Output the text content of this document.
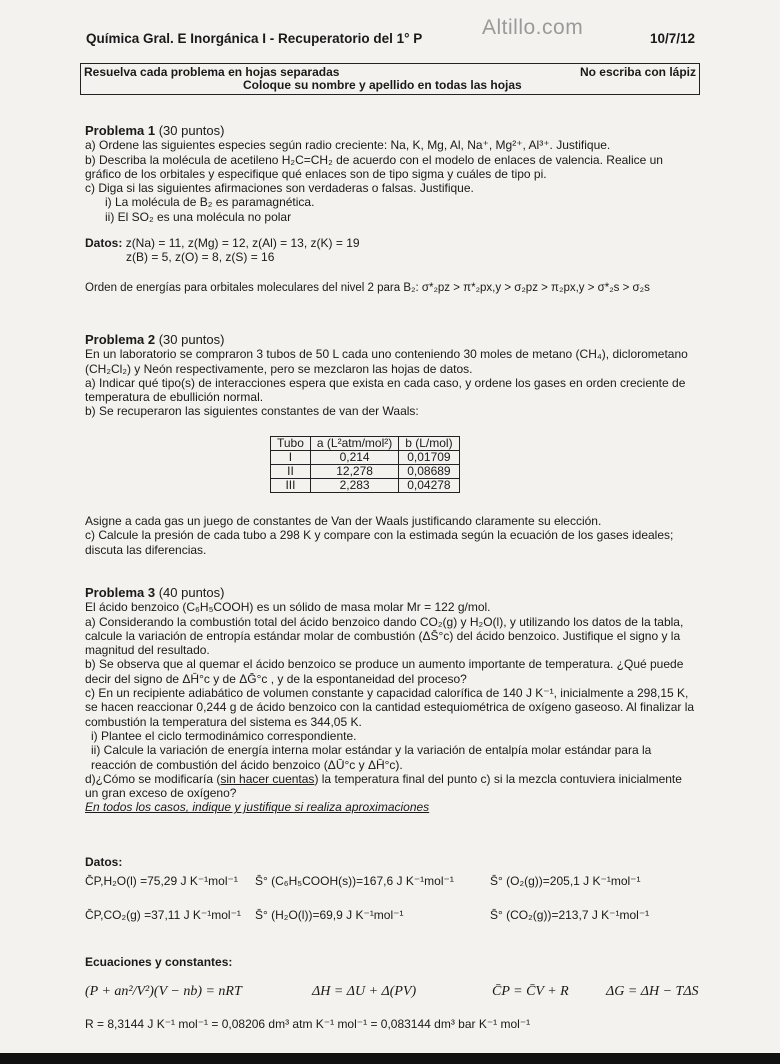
Química Gral. E Inorgánica I - Recuperatorio del 1° P	Altillo.com	10/7/12
Resuelva cada problema en hojas separadas	No escriba con lápiz
Coloque su nombre y apellido en todas las hojas
Problema 1 (30 puntos)
a) Ordene las siguientes especies según radio creciente: Na, K, Mg, Al, Na⁺, Mg²⁺, Al³⁺. Justifique.
b) Describa la molécula de acetileno H₂C=CH₂ de acuerdo con el modelo de enlaces de valencia. Realice un gráfico de los orbitales y especifique qué enlaces son de tipo sigma y cuáles de tipo pi.
c) Diga si las siguientes afirmaciones son verdaderas o falsas. Justifique.
i) La molécula de B₂ es paramagnética.
ii) El SO₂ es una molécula no polar
Datos: z(Na) = 11, z(Mg) = 12, z(Al) = 13, z(K) = 19
z(B) = 5, z(O) = 8, z(S) = 16
Orden de energías para orbitales moleculares del nivel 2 para B₂: σ*₂pz > π*₂px,y > σ₂pz > π₂px,y > σ*₂s > σ₂s
Problema 2 (30 puntos)
En un laboratorio se compraron 3 tubos de 50 L cada uno conteniendo 30 moles de metano (CH₄), diclorometano (CH₂Cl₂) y Neón respectivamente, pero se mezclaron las hojas de datos.
a) Indicar qué tipo(s) de interacciones espera que exista en cada caso, y ordene los gases en orden creciente de temperatura de ebullición normal.
b) Se recuperaron las siguientes constantes de van der Waals:
Tubo	a (L²atm/mol²)	b (L/mol)
I	0,214	0,01709
II	12,278	0,08689
III	2,283	0,04278
Asigne a cada gas un juego de constantes de Van der Waals justificando claramente su elección.
c) Calcule la presión de cada tubo a 298 K y compare con la estimada según la ecuación de los gases ideales; discuta las diferencias.
Problema 3 (40 puntos)
El ácido benzoico (C₆H₅COOH) es un sólido de masa molar Mr = 122 g/mol.
a) Considerando la combustión total del ácido benzoico dando CO₂(g) y H₂O(l), y utilizando los datos de la tabla, calcule la variación de entropía estándar molar de combustión (ΔS̄°c) del ácido benzoico. Justifique el signo y la magnitud del resultado.
b) Se observa que al quemar el ácido benzoico se produce un aumento importante de temperatura. ¿Qué puede decir del signo de ΔH̄°c y de ΔḠ°c , y de la espontaneidad del proceso?
c) En un recipiente adiabático de volumen constante y capacidad calorífica de 140 J K⁻¹, inicialmente a 298,15 K, se hacen reaccionar 0,244 g de ácido benzoico con la cantidad estequiométrica de oxígeno gaseoso. Al finalizar la combustión la temperatura del sistema es 344,05 K.
i) Plantee el ciclo termodinámico correspondiente.
ii) Calcule la variación de energía interna molar estándar y la variación de entalpía molar estándar para la reacción de combustión del ácido benzoico (ΔŪ°c y ΔH̄°c).
d)¿Cómo se modificaría (sin hacer cuentas) la temperatura final del punto c) si la mezcla contuviera inicialmente un gran exceso de oxígeno?
En todos los casos, indique y justifique si realiza aproximaciones
Datos:
C̄P,H₂O(l) =75,29 J K⁻¹mol⁻¹ S̄° (C₆H₅COOH(s))=167,6 J K⁻¹mol⁻¹	S̄° (O₂(g))=205,1 J K⁻¹mol⁻¹
C̄P,CO₂(g) =37,11 J K⁻¹mol⁻¹ S̄° (H₂O(l))=69,9 J K⁻¹mol⁻¹	S̄° (CO₂(g))=213,7 J K⁻¹mol⁻¹
Ecuaciones y constantes:
(P + an²/V²)(V − nb) = nRT	ΔH = ΔU + Δ(PV)	C̄P = C̄V + R	ΔG = ΔH − TΔS
R = 8,3144 J K⁻¹ mol⁻¹ = 0,08206 dm³ atm K⁻¹ mol⁻¹ = 0,083144 dm³ bar K⁻¹ mol⁻¹
